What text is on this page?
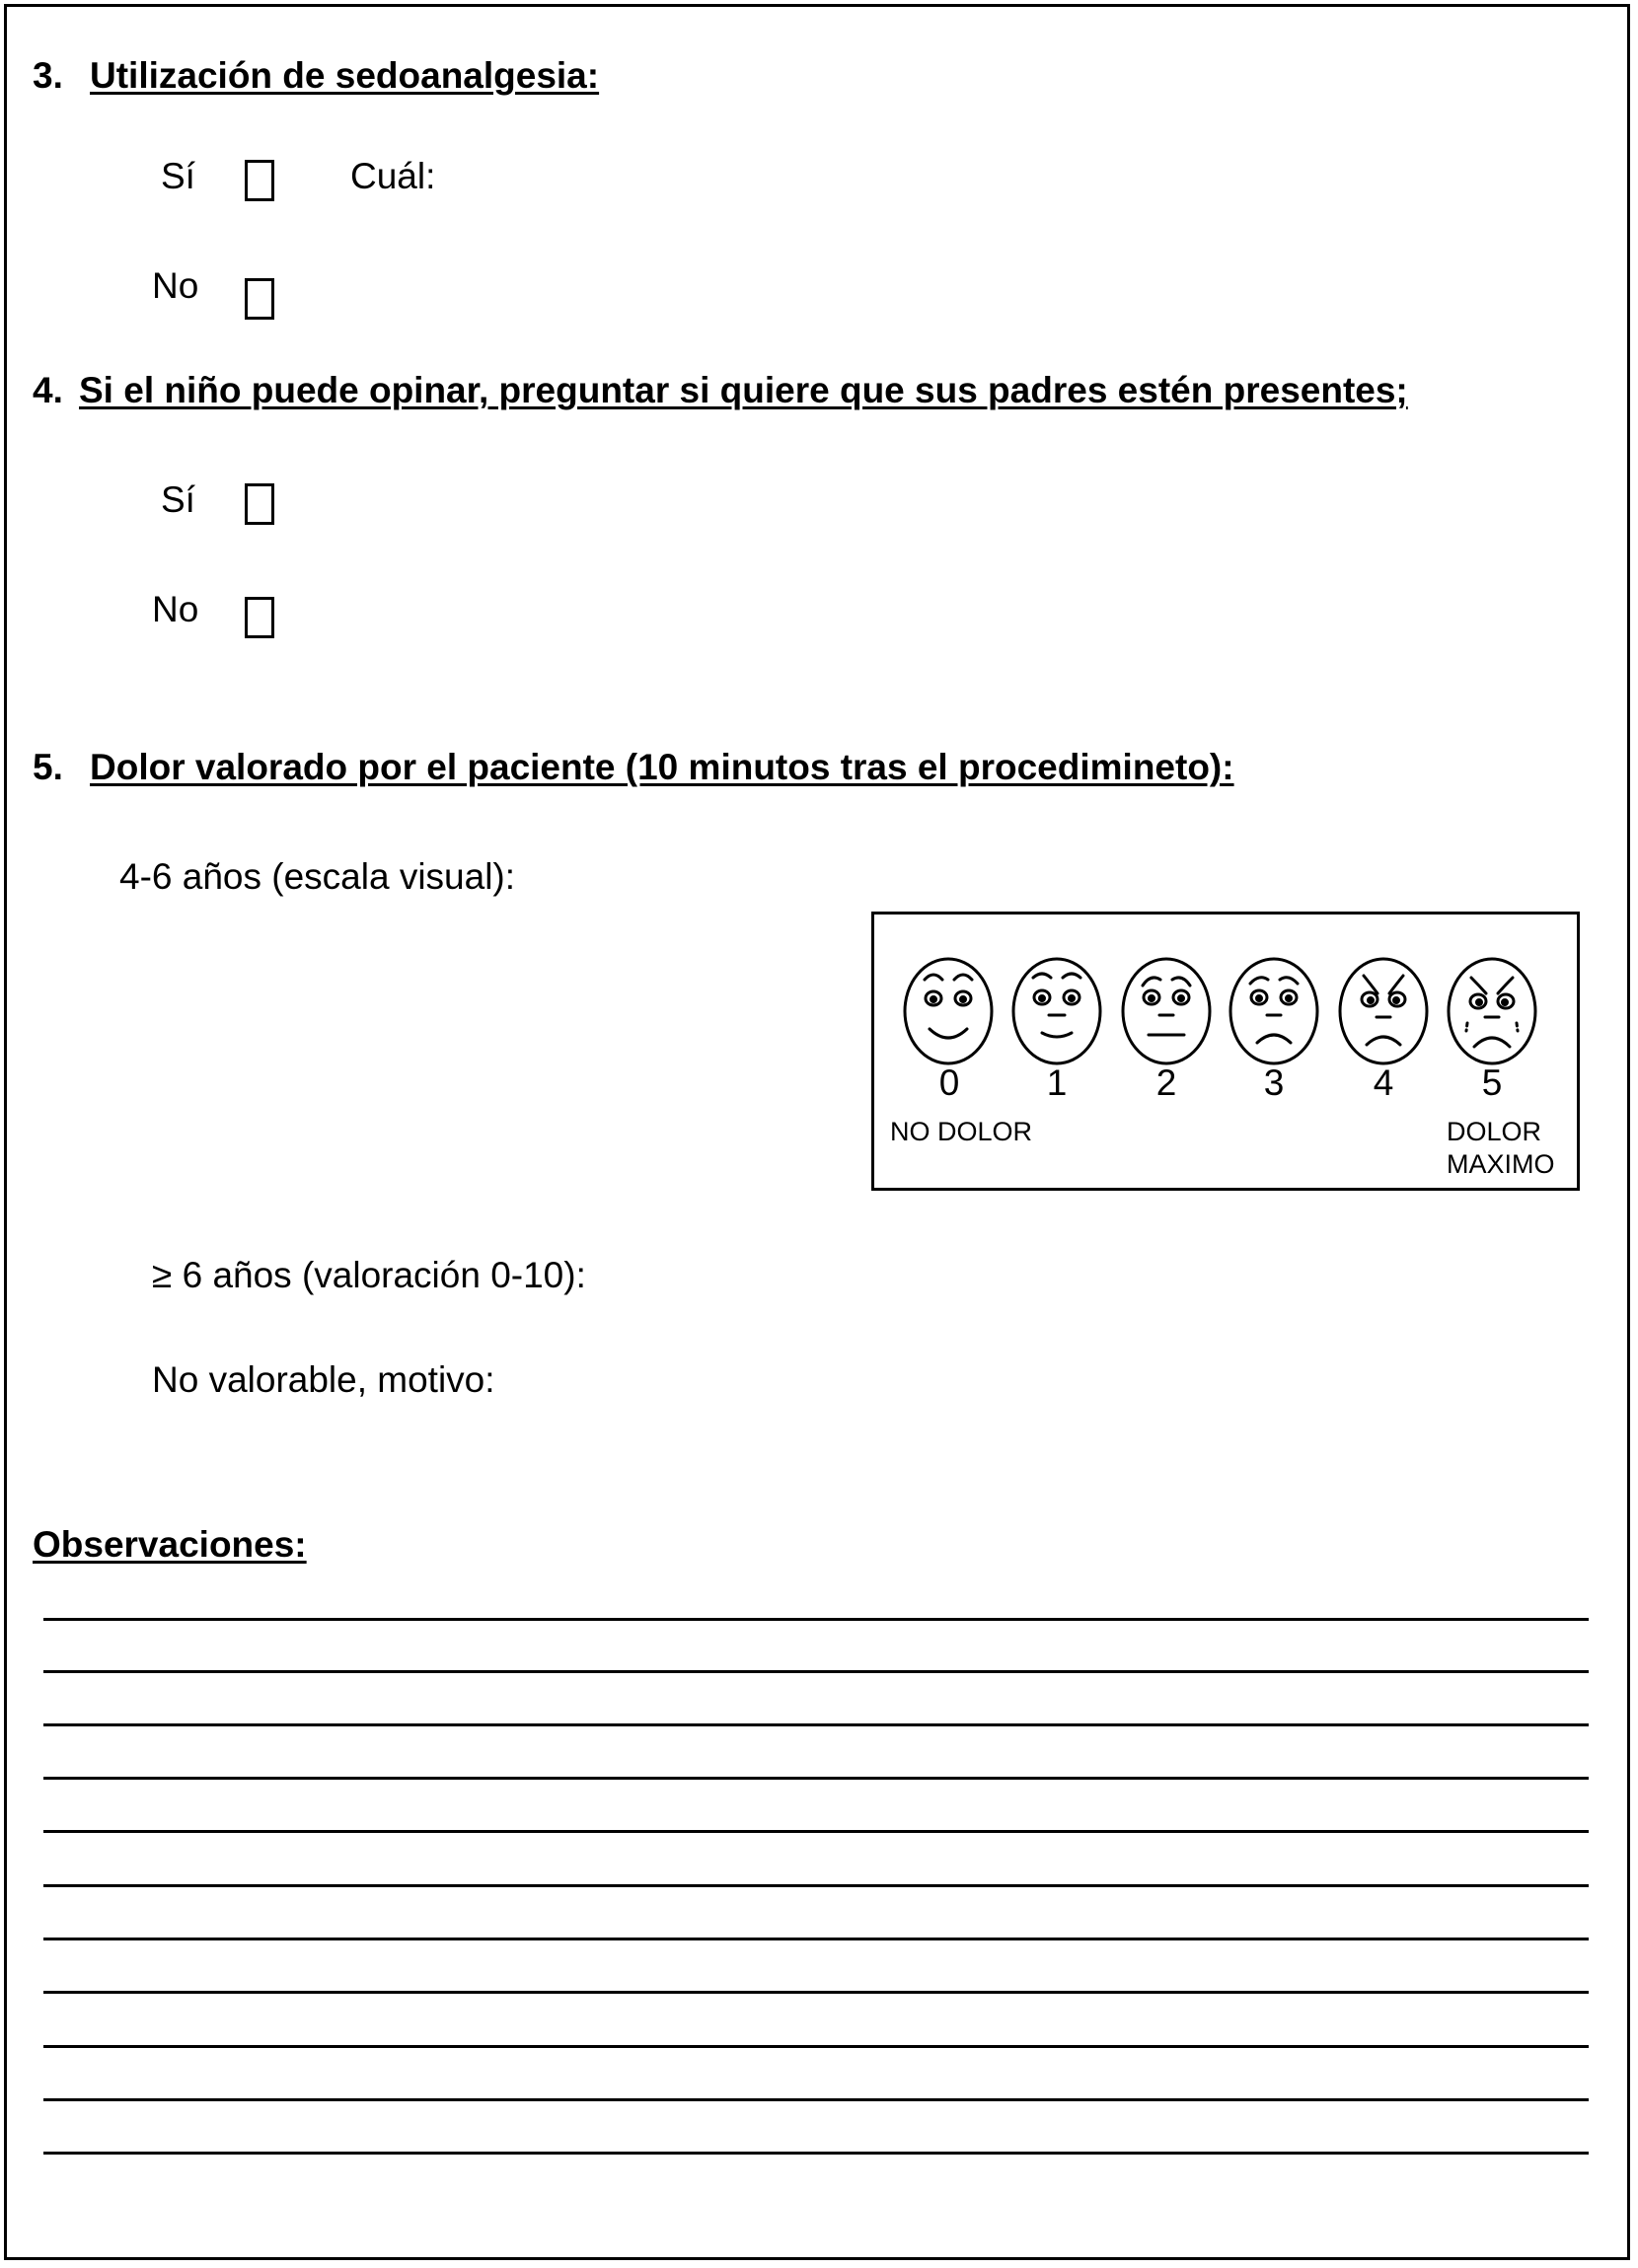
3. Utilización de sedoanalgesia:
Sí	Cuál:
No
4. Si el niño puede opinar, preguntar si quiere que sus padres estén presentes;
Sí
No
5. Dolor valorado por el paciente (10 minutos tras el procedimineto):
4-6 años (escala visual):
0 1 2 3 4 5
NO DOLOR	DOLOR
MAXIMO
≥ 6 años (valoración 0-10):
No valorable, motivo:
Observaciones:
